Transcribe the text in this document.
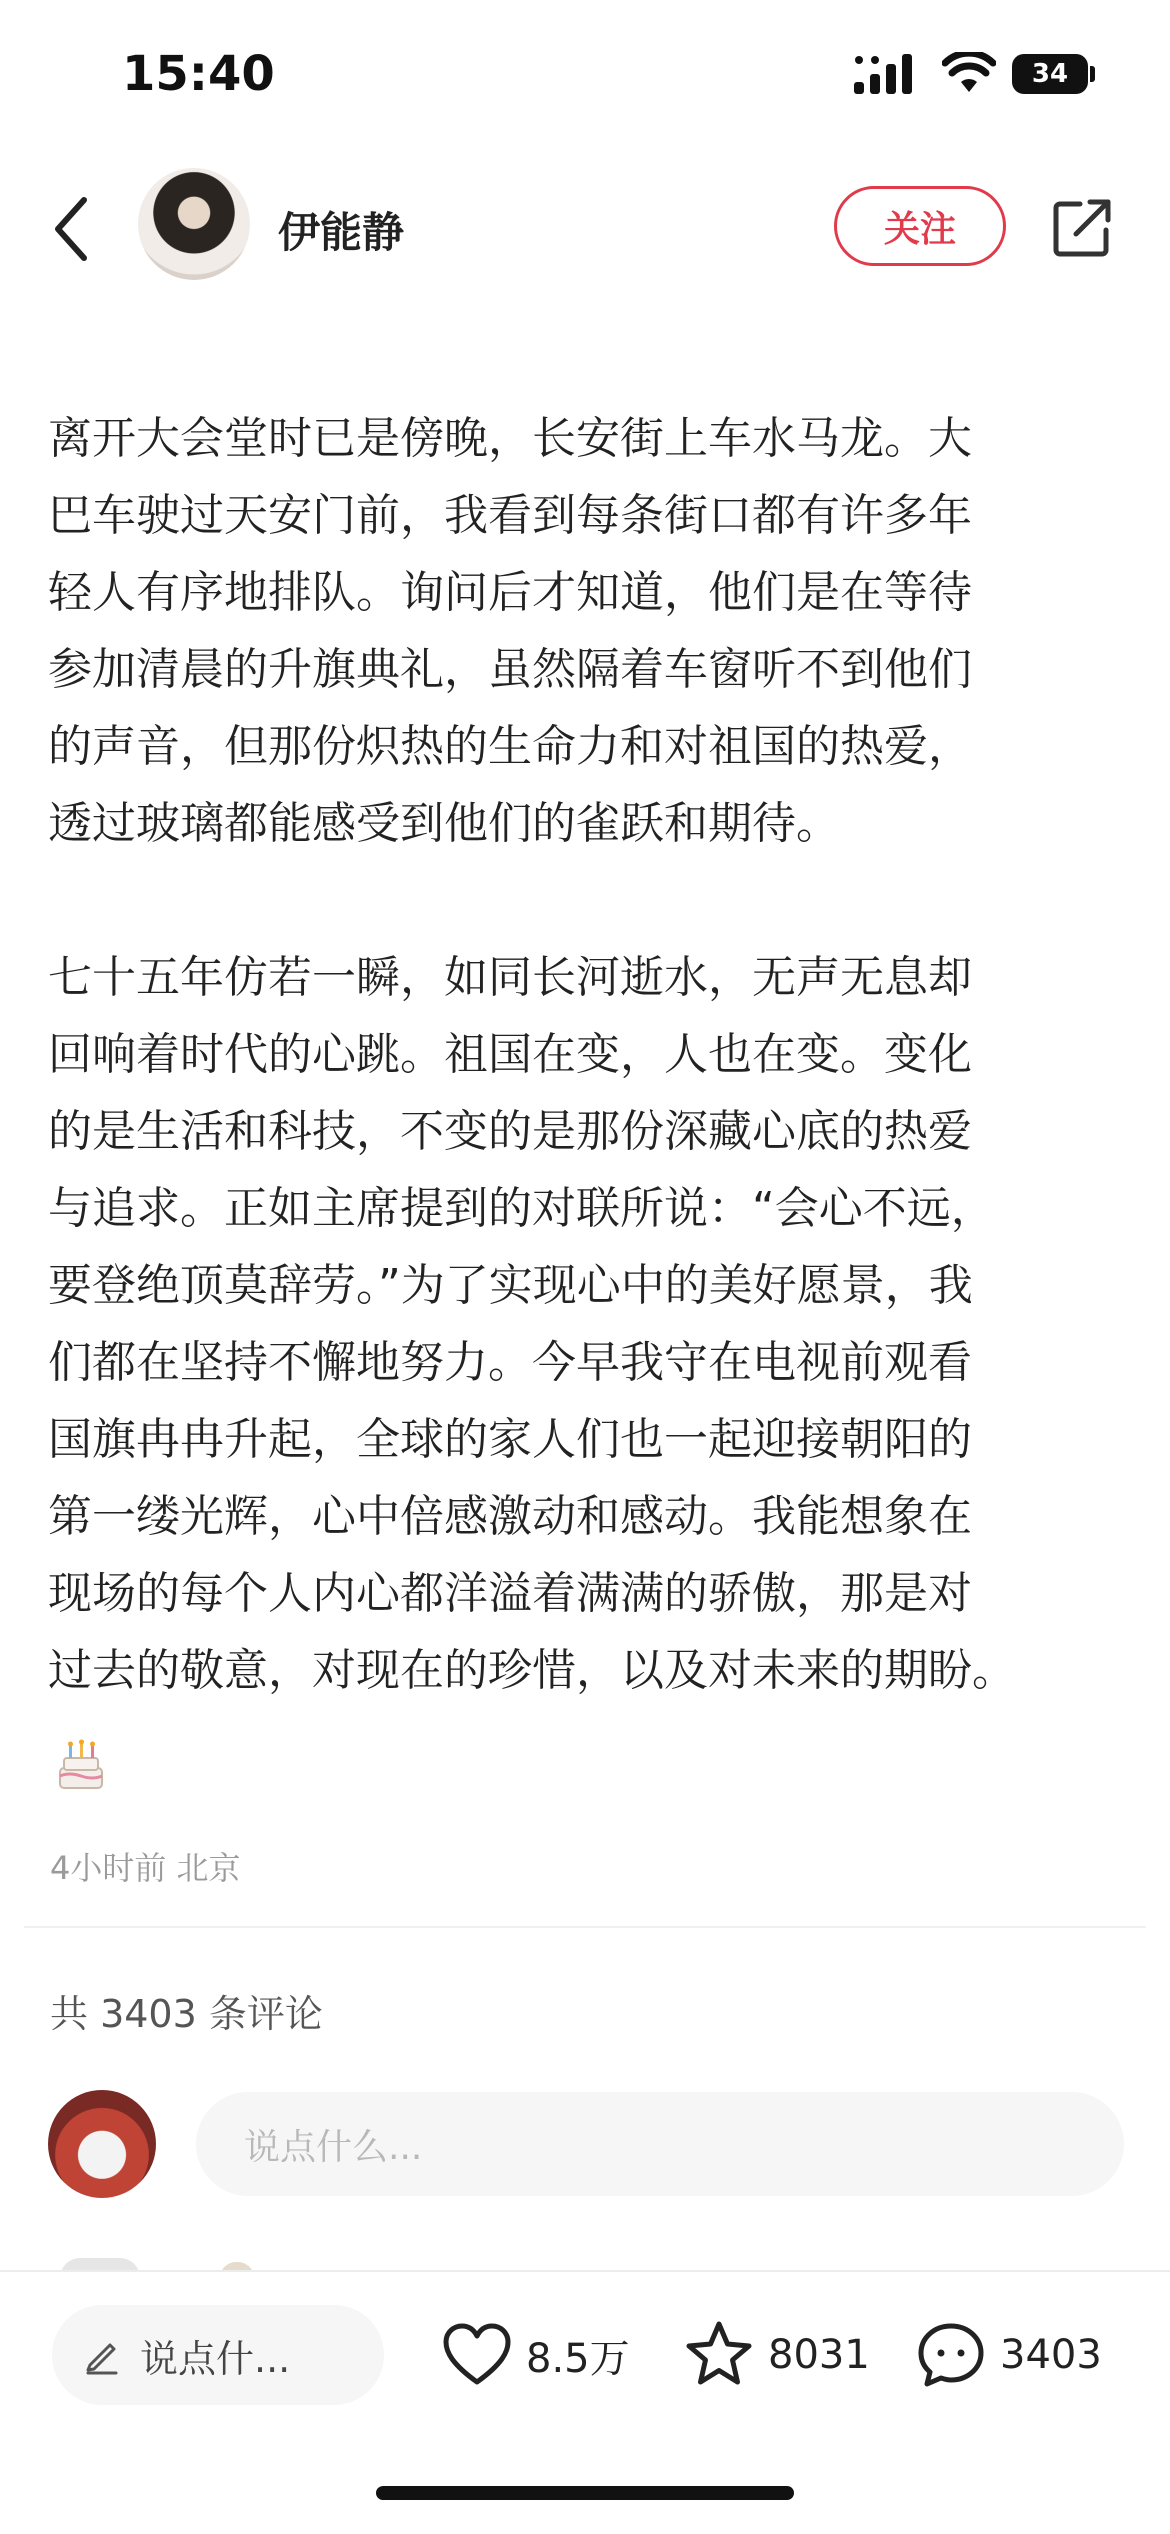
15:40	34
伊能静	关注

离开大会堂时已是傍晚，长安街上车水马龙。大
巴车驶过天安门前，我看到每条街口都有许多年
轻人有序地排队。询问后才知道，他们是在等待
参加清晨的升旗典礼，虽然隔着车窗听不到他们
的声音，但那份炽热的生命力和对祖国的热爱，
透过玻璃都能感受到他们的雀跃和期待。

七十五年仿若一瞬，如同长河逝水，无声无息却
回响着时代的心跳。祖国在变，人也在变。变化
的是生活和科技，不变的是那份深藏心底的热爱
与追求。正如主席提到的对联所说：“会心不远，
要登绝顶莫辞劳。”为了实现心中的美好愿景，我
们都在坚持不懈地努力。今早我守在电视前观看
国旗冉冉升起，全球的家人们也一起迎接朝阳的
第一缕光辉，心中倍感激动和感动。我能想象在
现场的每个人内心都洋溢着满满的骄傲，那是对
过去的敬意，对现在的珍惜，以及对未来的期盼。

4小时前 北京
共 3403 条评论
说点什么...
说点什...	8.5万	8031	3403
